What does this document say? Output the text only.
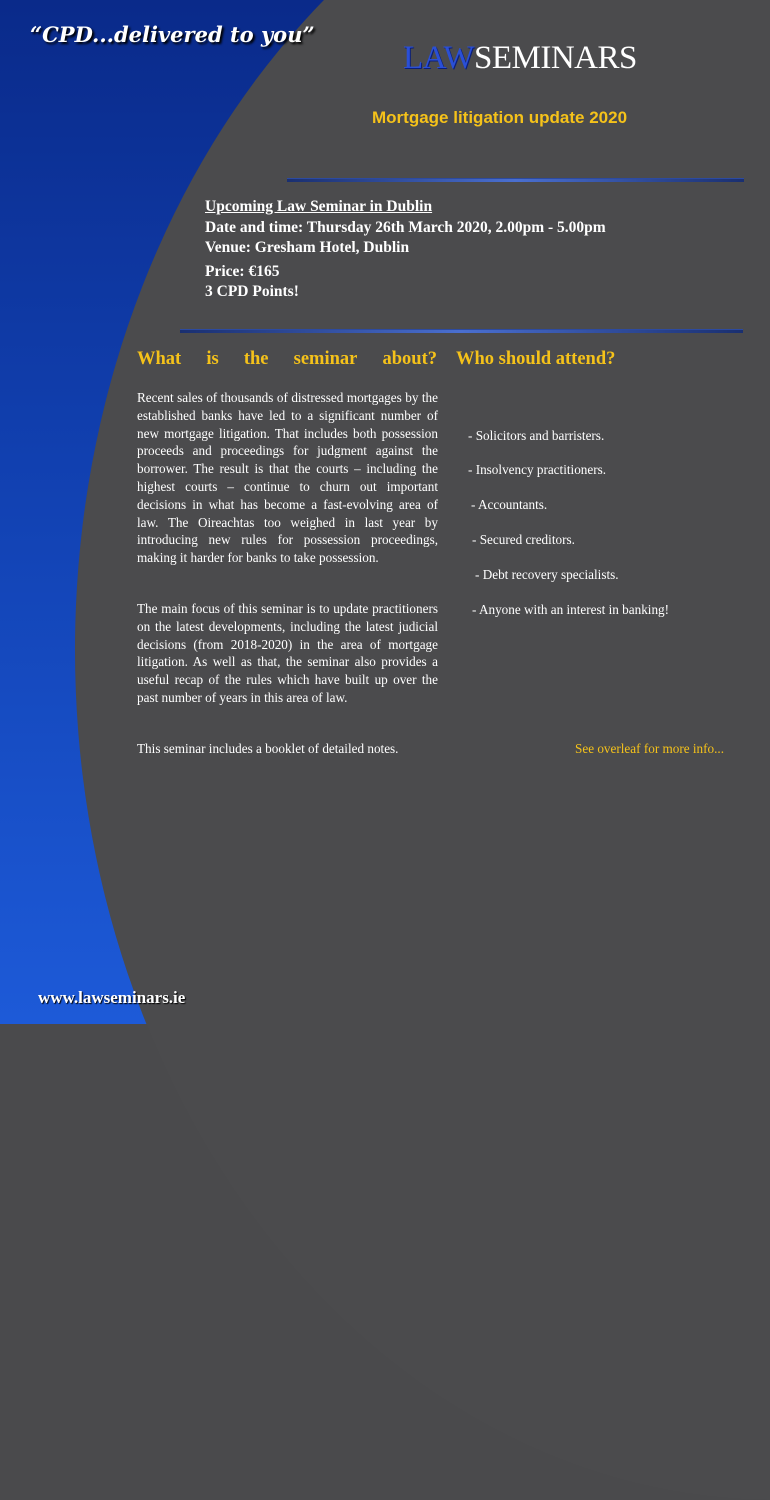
“CPD...delivered to you”

LAWSEMINARS

Mortgage litigation update 2020

Upcoming Law Seminar in Dublin
Date and time: Thursday 26th March 2020, 2.00pm - 5.00pm
Venue: Gresham Hotel, Dublin
Price: €165
3 CPD Points!
What is the seminar about? Who should attend?

Recent sales of thousands of distressed mortgages by the established banks have led to a significant number of new mortgage litigation. That includes both possession proceeds and proceedings for judgment against the borrower. The result is that the courts – including the highest courts – continue to churn out important decisions in what has become a fast-evolving area of law. The Oireachtas too weighed in last year by introducing new rules for possession proceedings, making it harder for banks to take possession.

The main focus of this seminar is to update practitioners on the latest developments, including the latest judicial decisions (from 2018-2020) in the area of mortgage litigation. As well as that, the seminar also provides a useful recap of the rules which have built up over the past number of years in this area of law.

This seminar includes a booklet of detailed notes.

- Solicitors and barristers.

- Insolvency practitioners.

- Accountants.

- Secured creditors.

- Debt recovery specialists.

- Anyone with an interest in banking!

See overleaf for more info...

www.lawseminars.ie
